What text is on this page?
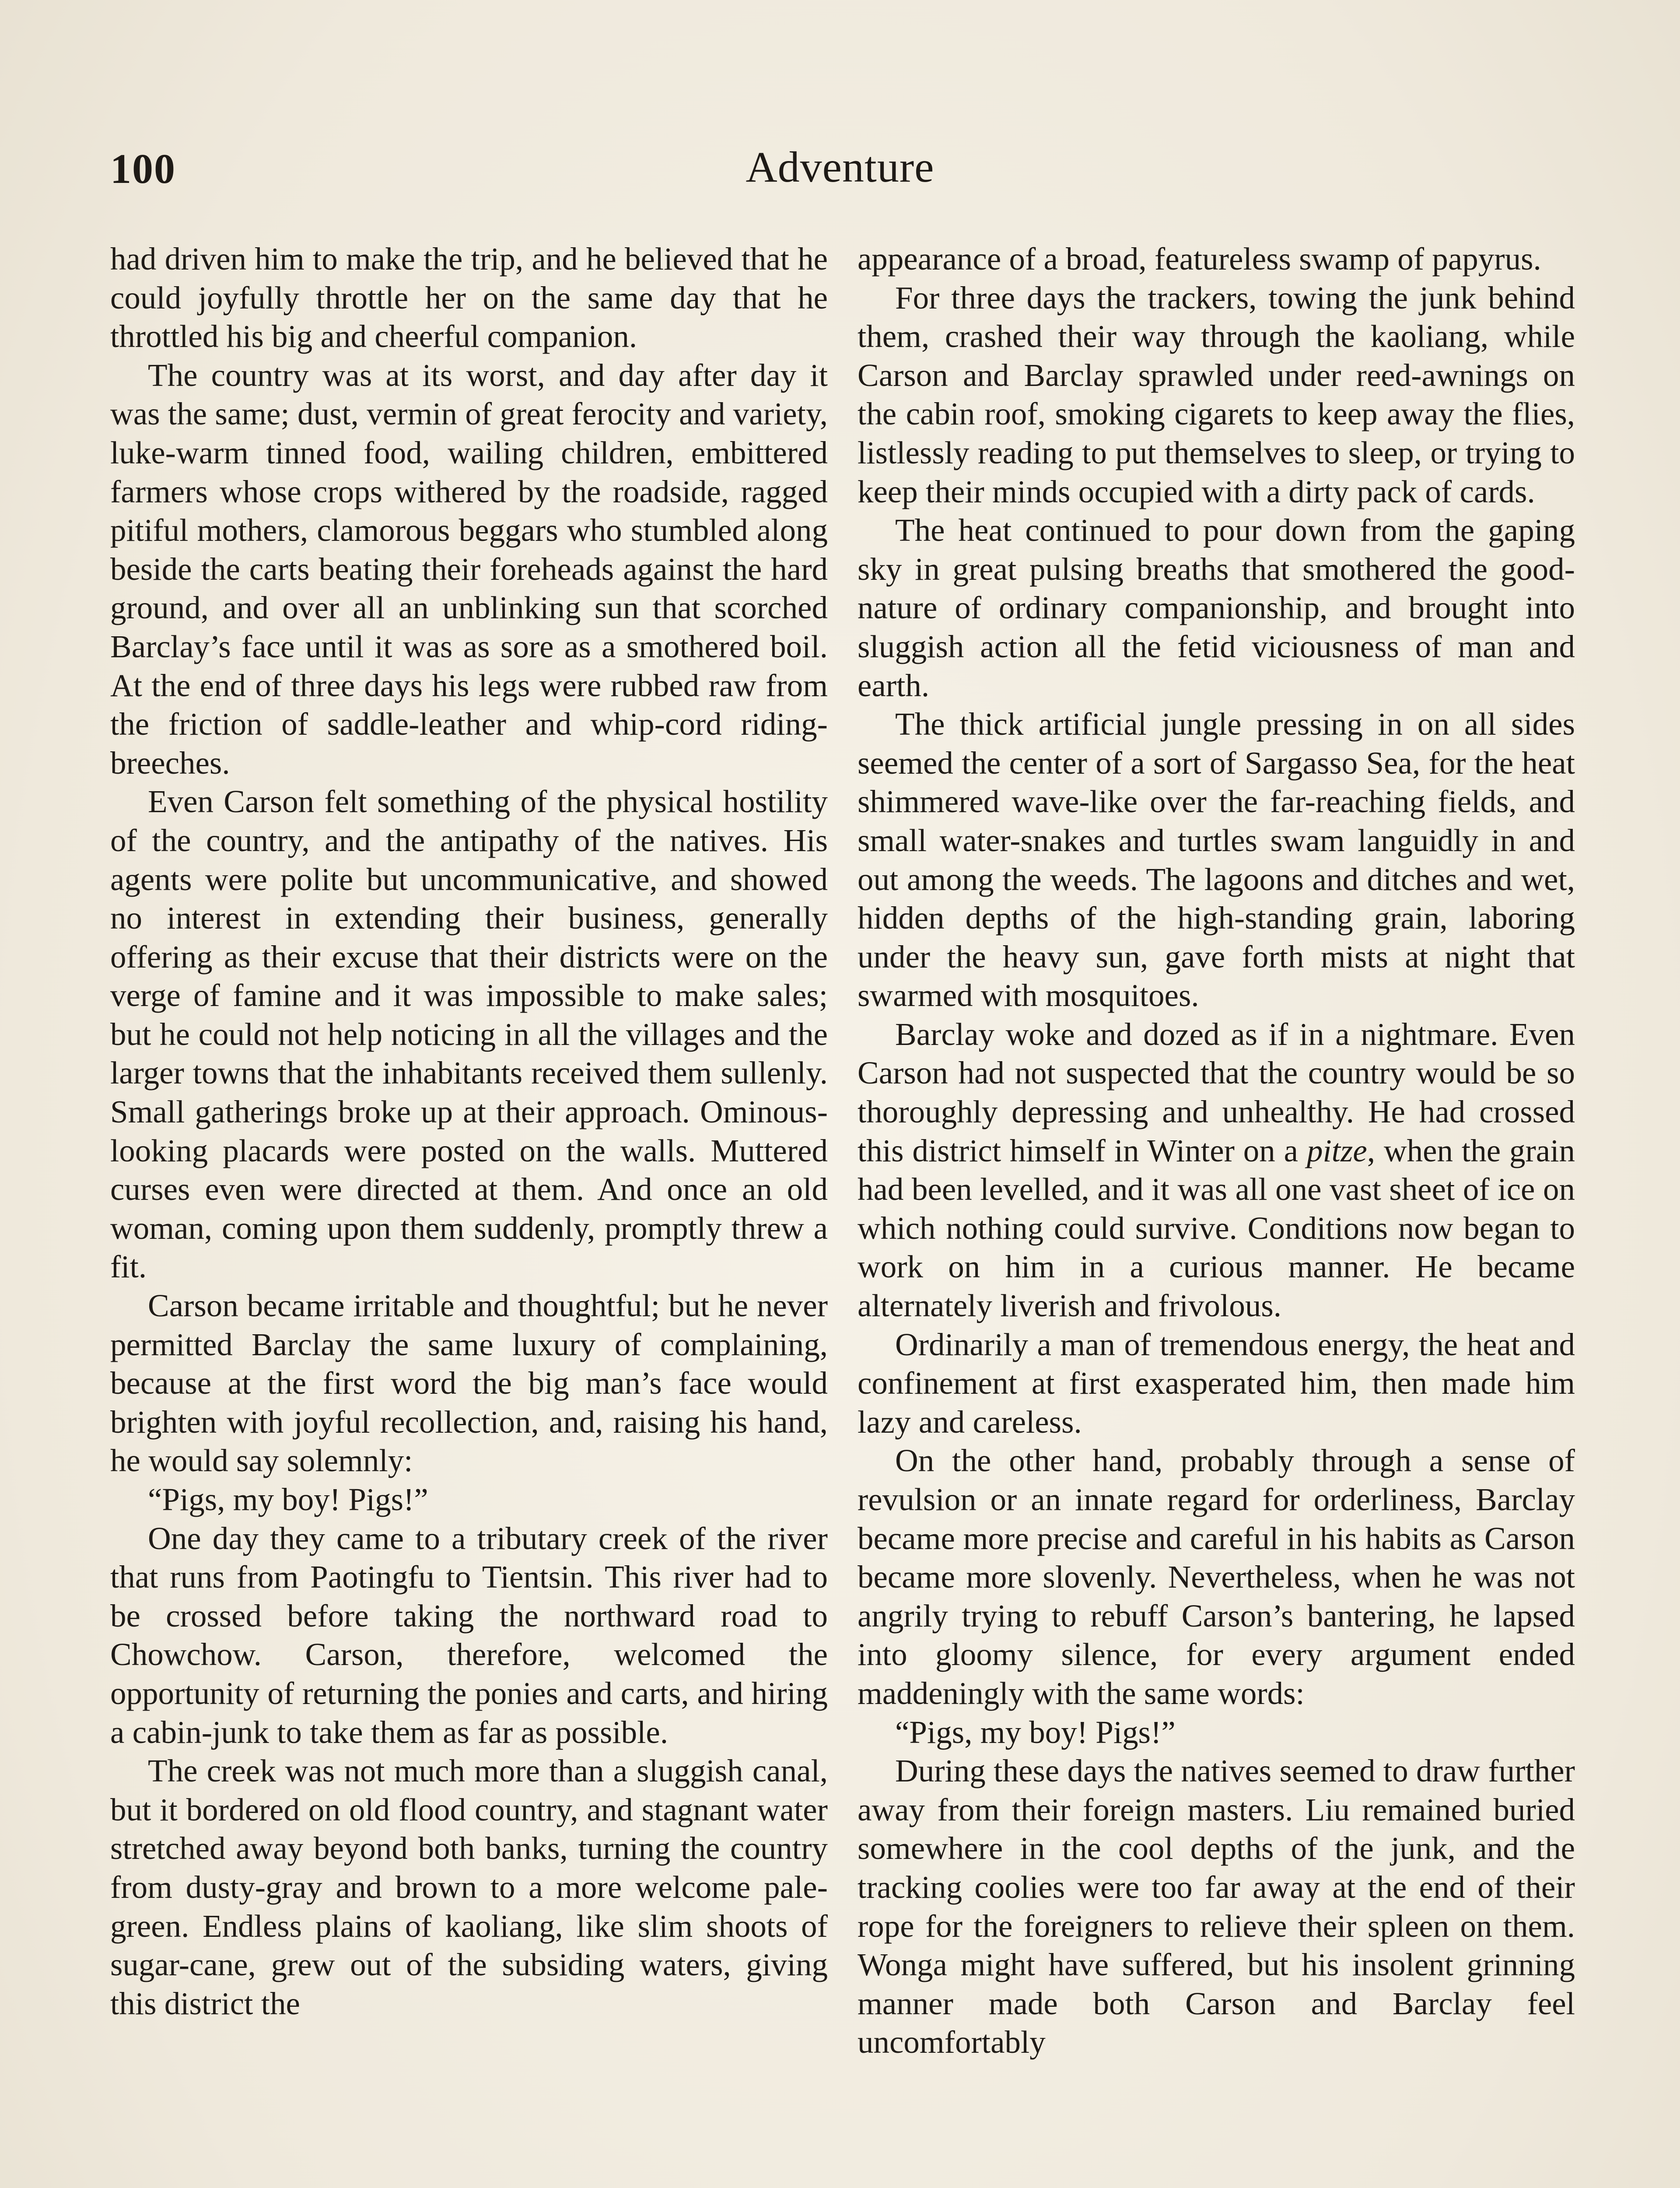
100	Adventure

had driven him to make the trip, and he believed that he could joyfully throttle her on the same day that he throttled his big and cheerful companion.

The country was at its worst, and day after day it was the same; dust, vermin of great ferocity and variety, luke-warm tinned food, wailing children, embittered farmers whose crops withered by the roadside, ragged pitiful mothers, clamorous beggars who stumbled along beside the carts beating their foreheads against the hard ground, and over all an unblinking sun that scorched Barclay’s face until it was as sore as a smothered boil. At the end of three days his legs were rubbed raw from the friction of saddle-leather and whip-cord riding-breeches.

Even Carson felt something of the physical hostility of the country, and the antipathy of the natives. His agents were polite but uncommunicative, and showed no interest in extending their business, generally offering as their excuse that their districts were on the verge of famine and it was impossible to make sales; but he could not help noticing in all the villages and the larger towns that the inhabitants received them sullenly. Small gatherings broke up at their approach. Ominous-looking placards were posted on the walls. Muttered curses even were directed at them. And once an old woman, coming upon them suddenly, promptly threw a fit.

Carson became irritable and thoughtful; but he never permitted Barclay the same luxury of complaining, because at the first word the big man’s face would brighten with joyful recollection, and, raising his hand, he would say solemnly:

“Pigs, my boy! Pigs!”

One day they came to a tributary creek of the river that runs from Paotingfu to Tientsin. This river had to be crossed before taking the northward road to Chowchow. Carson, therefore, welcomed the opportunity of returning the ponies and carts, and hiring a cabin-junk to take them as far as possible.

The creek was not much more than a sluggish canal, but it bordered on old flood country, and stagnant water stretched away beyond both banks, turning the country from dusty-gray and brown to a more welcome pale-green. Endless plains of kaoliang, like slim shoots of sugar-cane, grew out of the subsiding waters, giving this district the

appearance of a broad, featureless swamp of papyrus.

For three days the trackers, towing the junk behind them, crashed their way through the kaoliang, while Carson and Barclay sprawled under reed-awnings on the cabin roof, smoking cigarets to keep away the flies, listlessly reading to put themselves to sleep, or trying to keep their minds occupied with a dirty pack of cards.

The heat continued to pour down from the gaping sky in great pulsing breaths that smothered the good-nature of ordinary companionship, and brought into sluggish action all the fetid viciousness of man and earth.

The thick artificial jungle pressing in on all sides seemed the center of a sort of Sargasso Sea, for the heat shimmered wave-like over the far-reaching fields, and small water-snakes and turtles swam languidly in and out among the weeds. The lagoons and ditches and wet, hidden depths of the high-standing grain, laboring under the heavy sun, gave forth mists at night that swarmed with mosquitoes.

Barclay woke and dozed as if in a nightmare. Even Carson had not suspected that the country would be so thoroughly depressing and unhealthy. He had crossed this district himself in Winter on a pitze, when the grain had been levelled, and it was all one vast sheet of ice on which nothing could survive. Conditions now began to work on him in a curious manner. He became alternately liverish and frivolous.

Ordinarily a man of tremendous energy, the heat and confinement at first exasperated him, then made him lazy and careless.

On the other hand, probably through a sense of revulsion or an innate regard for orderliness, Barclay became more precise and careful in his habits as Carson became more slovenly. Nevertheless, when he was not angrily trying to rebuff Carson’s bantering, he lapsed into gloomy silence, for every argument ended maddeningly with the same words:

“Pigs, my boy! Pigs!”

During these days the natives seemed to draw further away from their foreign masters. Liu remained buried somewhere in the cool depths of the junk, and the tracking coolies were too far away at the end of their rope for the foreigners to relieve their spleen on them. Wonga might have suffered, but his insolent grinning manner made both Carson and Barclay feel uncomfortably
